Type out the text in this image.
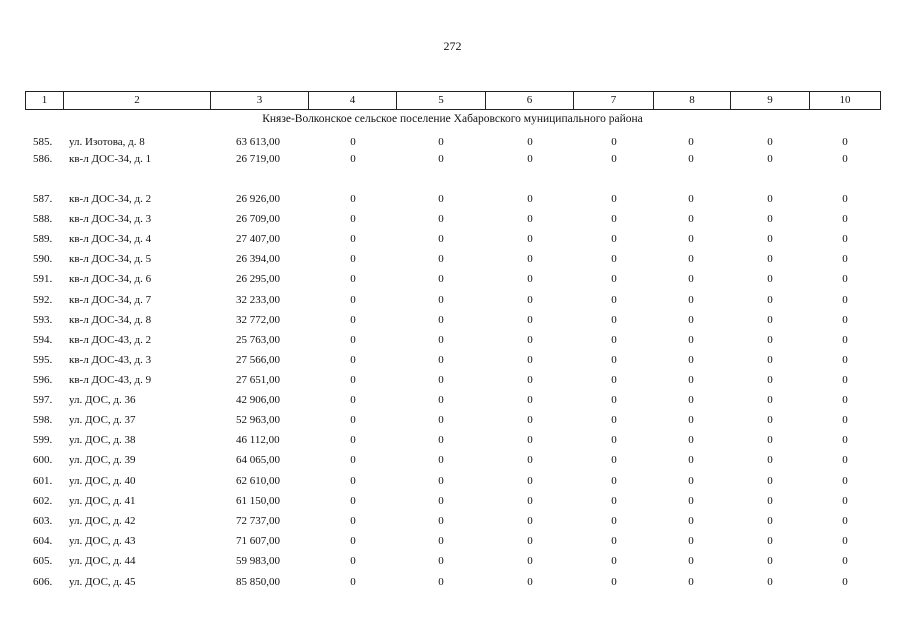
272
1	2	3	4	5	6	7	8	9	10
Князе-Волконское сельское поселение Хабаровского муниципального района
585. ул. Изотова, д. 8	63 613,00	0	0	0	0	0	0	0
586. кв-л ДОС-34, д. 1	26 719,00	0	0	0	0	0	0	0
587. кв-л ДОС-34, д. 2	26 926,00	0	0	0	0	0	0	0
588. кв-л ДОС-34, д. 3	26 709,00	0	0	0	0	0	0	0
589. кв-л ДОС-34, д. 4	27 407,00	0	0	0	0	0	0	0
590. кв-л ДОС-34, д. 5	26 394,00	0	0	0	0	0	0	0
591. кв-л ДОС-34, д. 6	26 295,00	0	0	0	0	0	0	0
592. кв-л ДОС-34, д. 7	32 233,00	0	0	0	0	0	0	0
593. кв-л ДОС-34, д. 8	32 772,00	0	0	0	0	0	0	0
594. кв-л ДОС-43, д. 2	25 763,00	0	0	0	0	0	0	0
595. кв-л ДОС-43, д. 3	27 566,00	0	0	0	0	0	0	0
596. кв-л ДОС-43, д. 9	27 651,00	0	0	0	0	0	0	0
597. ул. ДОС, д. 36	42 906,00	0	0	0	0	0	0	0
598. ул. ДОС, д. 37	52 963,00	0	0	0	0	0	0	0
599. ул. ДОС, д. 38	46 112,00	0	0	0	0	0	0	0
600. ул. ДОС, д. 39	64 065,00	0	0	0	0	0	0	0
601. ул. ДОС, д. 40	62 610,00	0	0	0	0	0	0	0
602. ул. ДОС, д. 41	61 150,00	0	0	0	0	0	0	0
603. ул. ДОС, д. 42	72 737,00	0	0	0	0	0	0	0
604. ул. ДОС, д. 43	71 607,00	0	0	0	0	0	0	0
605. ул. ДОС, д. 44	59 983,00	0	0	0	0	0	0	0
606. ул. ДОС, д. 45	85 850,00	0	0	0	0	0	0	0
